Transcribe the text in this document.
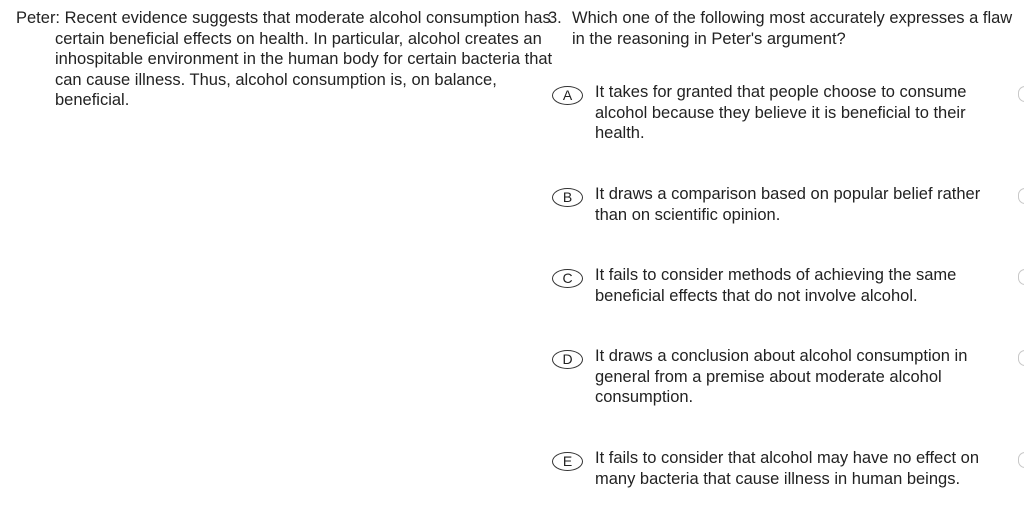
Peter: Recent evidence suggests that moderate alcohol consumption has certain beneficial effects on health. In particular, alcohol creates an inhospitable environment in the human body for certain bacteria that can cause illness. Thus, alcohol consumption is, on balance, beneficial.
3. Which one of the following most accurately expresses a flaw in the reasoning in Peter's argument?
A	It takes for granted that people choose to consume alcohol because they believe it is beneficial to their health.
B	It draws a comparison based on popular belief rather than on scientific opinion.
C	It fails to consider methods of achieving the same beneficial effects that do not involve alcohol.
D	It draws a conclusion about alcohol consumption in general from a premise about moderate alcohol consumption.
E	It fails to consider that alcohol may have no effect on many bacteria that cause illness in human beings.
